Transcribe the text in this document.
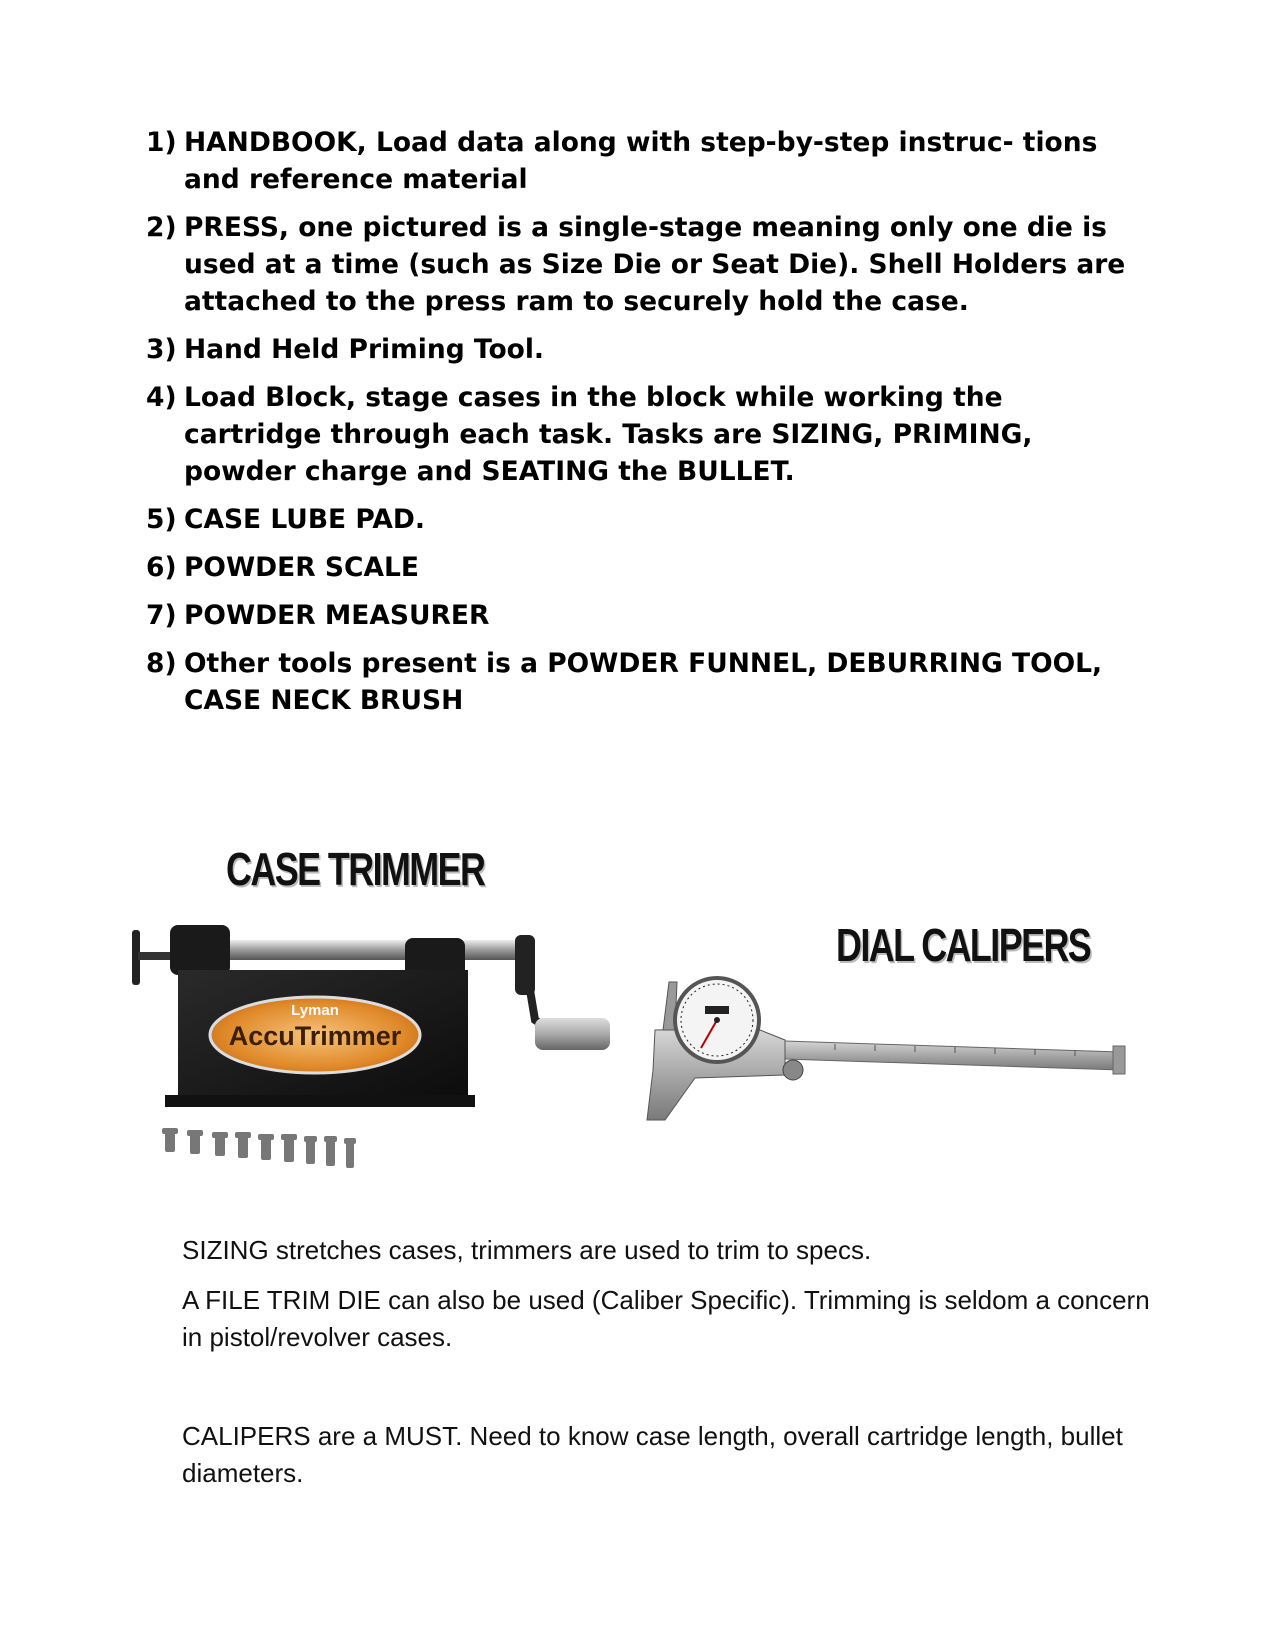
1) HANDBOOK, Load data along with step-by-step instruc- tions and reference material
2) PRESS, one pictured is a single-stage meaning only one die is used at a time (such as Size Die or Seat Die). Shell Holders are attached to the press ram to securely hold the case.
3) Hand Held Priming Tool.
4) Load Block, stage cases in the block while working the cartridge through each task. Tasks are SIZING, PRIMING, powder charge and SEATING the BULLET.
5) CASE LUBE PAD.
6) POWDER SCALE
7) POWDER MEASURER
8) Other tools present is a POWDER FUNNEL, DEBURRING TOOL, CASE NECK BRUSH
CASE TRIMMER
DIAL CALIPERS
Lyman
AccuTrimmer

SIZING stretches cases, trimmers are used to trim to specs.

A FILE TRIM DIE can also be used (Caliber Specific). Trimming is seldom a concern in pistol/revolver cases.

CALIPERS are a MUST. Need to know case length, overall cartridge length, bullet diameters.
